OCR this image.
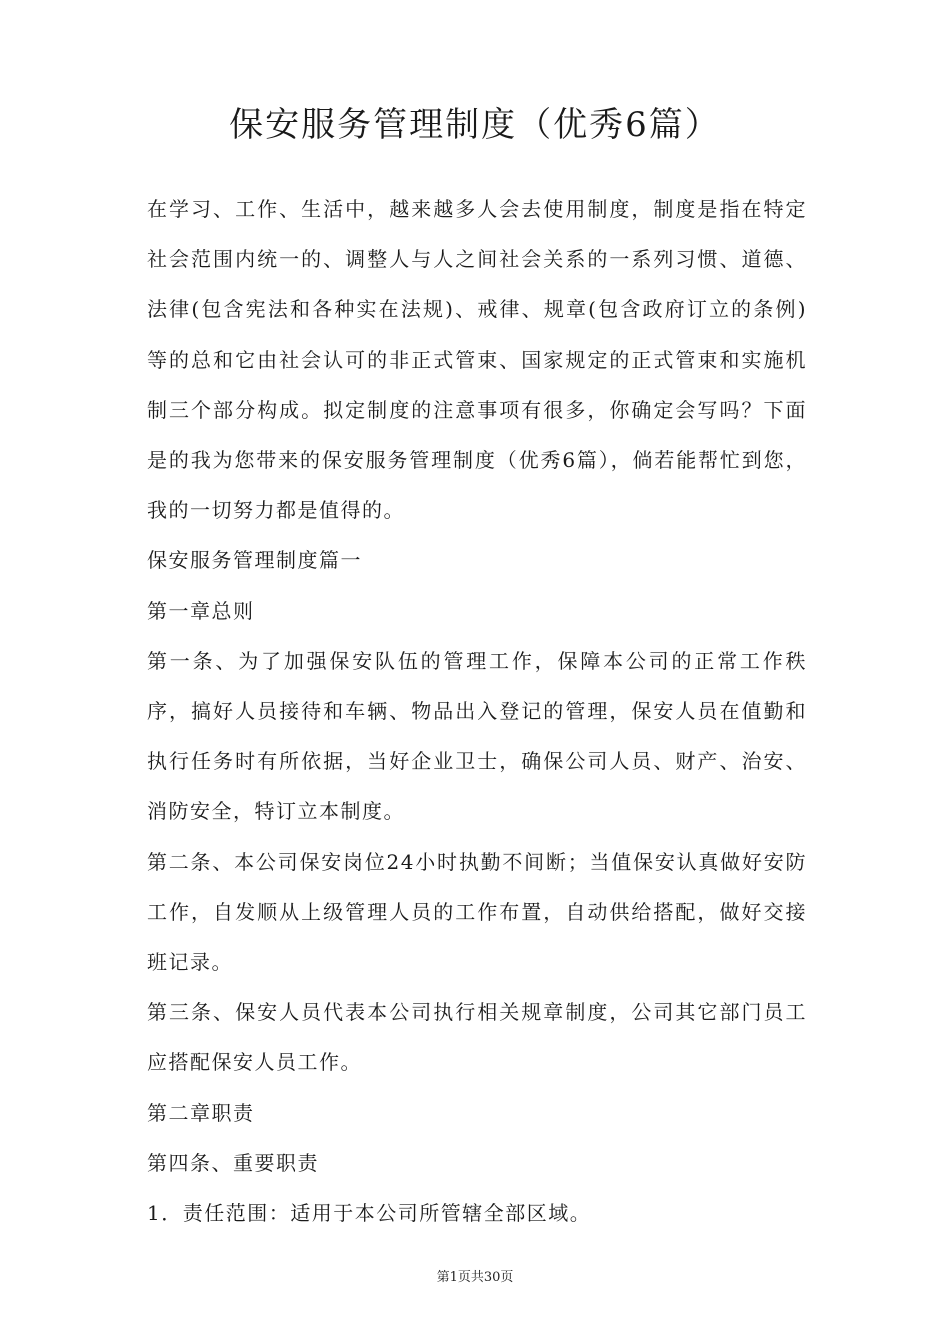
保安服务管理制度（优秀6篇）

在学习、工作、生活中，越来越多人会去使用制度，制度是指在特定社会范围内统一的、调整人与人之间社会关系的一系列习惯、道德、法律(包含宪法和各种实在法规)、戒律、规章(包含政府订立的条例)等的总和它由社会认可的非正式管束、国家规定的正式管束和实施机制三个部分构成。拟定制度的注意事项有很多，你确定会写吗？下面是的我为您带来的保安服务管理制度（优秀6篇），倘若能帮忙到您，我的一切努力都是值得的。

保安服务管理制度篇一

第一章总则

第一条、为了加强保安队伍的管理工作，保障本公司的正常工作秩序，搞好人员接待和车辆、物品出入登记的管理，保安人员在值勤和执行任务时有所依据，当好企业卫士，确保公司人员、财产、治安、消防安全，特订立本制度。

第二条、本公司保安岗位24小时执勤不间断；当值保安认真做好安防工作，自发顺从上级管理人员的工作布置，自动供给搭配，做好交接班记录。

第三条、保安人员代表本公司执行相关规章制度，公司其它部门员工应搭配保安人员工作。

第二章职责

第四条、重要职责

1．责任范围：适用于本公司所管辖全部区域。

第1页共30页
